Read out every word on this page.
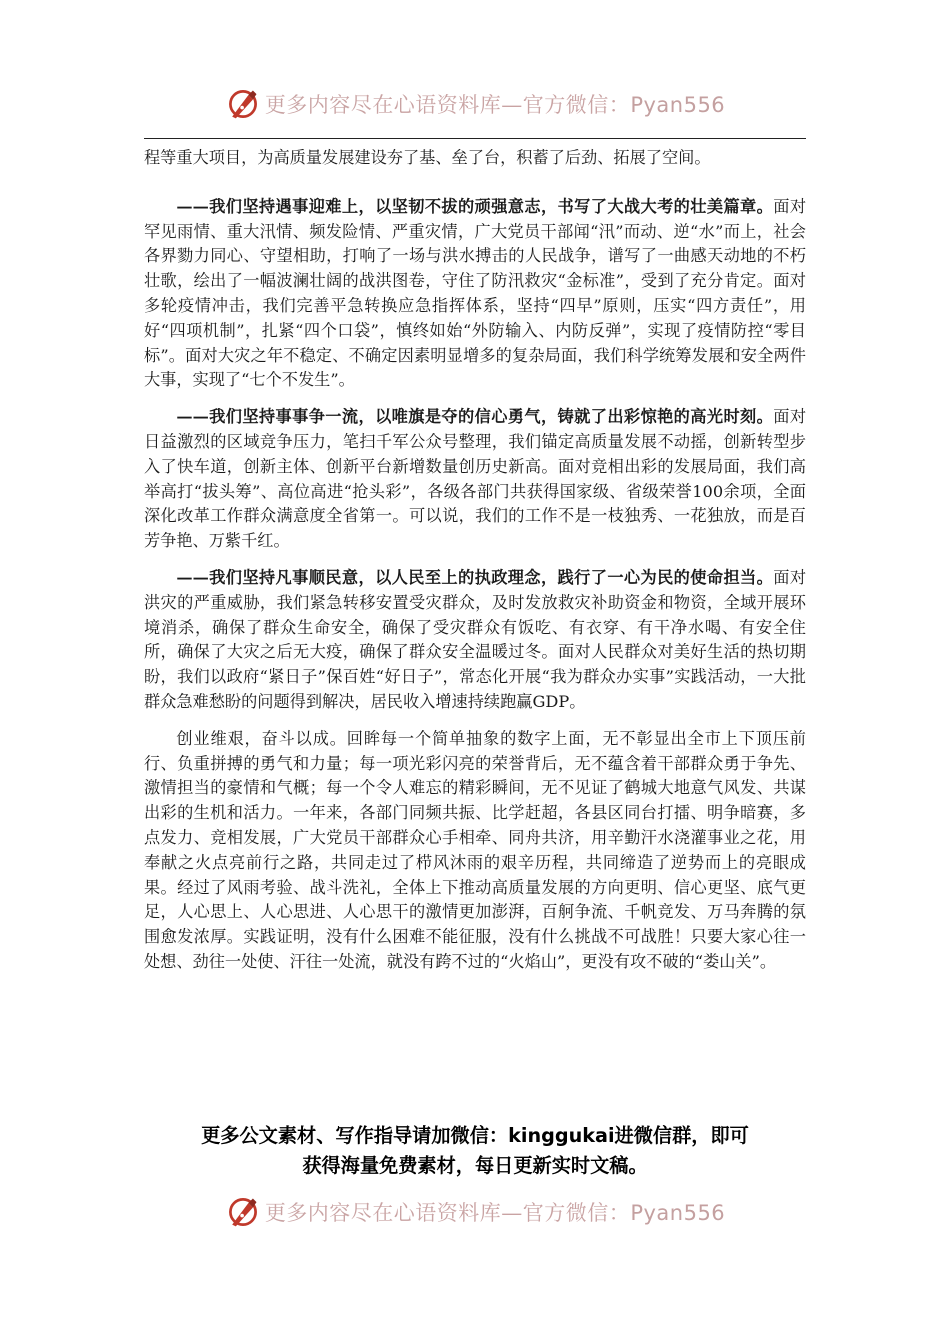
更多内容尽在心语资料库—官方微信：Pyan556

程等重大项目，为高质量发展建设夯了基、垒了台，积蓄了后劲、拓展了空间。

——我们坚持遇事迎难上，以坚韧不拔的顽强意志，书写了大战大考的壮美篇章。面对罕见雨情、重大汛情、频发险情、严重灾情，广大党员干部闻“汛”而动、逆“水”而上，社会各界勠力同心、守望相助，打响了一场与洪水搏击的人民战争，谱写了一曲感天动地的不朽壮歌，绘出了一幅波澜壮阔的战洪图卷，守住了防汛救灾“金标准”，受到了充分肯定。面对多轮疫情冲击，我们完善平急转换应急指挥体系，坚持“四早”原则，压实“四方责任”，用好“四项机制”，扎紧“四个口袋”，慎终如始“外防输入、内防反弹”，实现了疫情防控“零目标”。面对大灾之年不稳定、不确定因素明显增多的复杂局面，我们科学统筹发展和安全两件大事，实现了“七个不发生”。

——我们坚持事事争一流，以唯旗是夺的信心勇气，铸就了出彩惊艳的高光时刻。面对日益激烈的区域竞争压力，笔扫千军公众号整理，我们锚定高质量发展不动摇，创新转型步入了快车道，创新主体、创新平台新增数量创历史新高。面对竞相出彩的发展局面，我们高举高打“拔头筹”、高位高进“抢头彩”，各级各部门共获得国家级、省级荣誉100余项，全面深化改革工作群众满意度全省第一。可以说，我们的工作不是一枝独秀、一花独放，而是百芳争艳、万紫千红。

——我们坚持凡事顺民意，以人民至上的执政理念，践行了一心为民的使命担当。面对洪灾的严重威胁，我们紧急转移安置受灾群众，及时发放救灾补助资金和物资，全域开展环境消杀，确保了群众生命安全，确保了受灾群众有饭吃、有衣穿、有干净水喝、有安全住所，确保了大灾之后无大疫，确保了群众安全温暖过冬。面对人民群众对美好生活的热切期盼，我们以政府“紧日子”保百姓“好日子”，常态化开展“我为群众办实事”实践活动，一大批群众急难愁盼的问题得到解决，居民收入增速持续跑赢GDP。

创业维艰，奋斗以成。回眸每一个简单抽象的数字上面，无不彰显出全市上下顶压前行、负重拼搏的勇气和力量；每一项光彩闪亮的荣誉背后，无不蕴含着干部群众勇于争先、激情担当的豪情和气概；每一个令人难忘的精彩瞬间，无不见证了鹤城大地意气风发、共谋出彩的生机和活力。一年来，各部门同频共振、比学赶超，各县区同台打擂、明争暗赛，多点发力、竞相发展，广大党员干部群众心手相牵、同舟共济，用辛勤汗水浇灌事业之花，用奉献之火点亮前行之路，共同走过了栉风沐雨的艰辛历程，共同缔造了逆势而上的亮眼成果。经过了风雨考验、战斗洗礼，全体上下推动高质量发展的方向更明、信心更坚、底气更足，人心思上、人心思进、人心思干的激情更加澎湃，百舸争流、千帆竞发、万马奔腾的氛围愈发浓厚。实践证明，没有什么困难不能征服，没有什么挑战不可战胜！只要大家心往一处想、劲往一处使、汗往一处流，就没有跨不过的“火焰山”，更没有攻不破的“娄山关”。

更多公文素材、写作指导请加微信：kinggukai进微信群，即可
获得海量免费素材，每日更新实时文稿。
更多内容尽在心语资料库—官方微信：Pyan556
